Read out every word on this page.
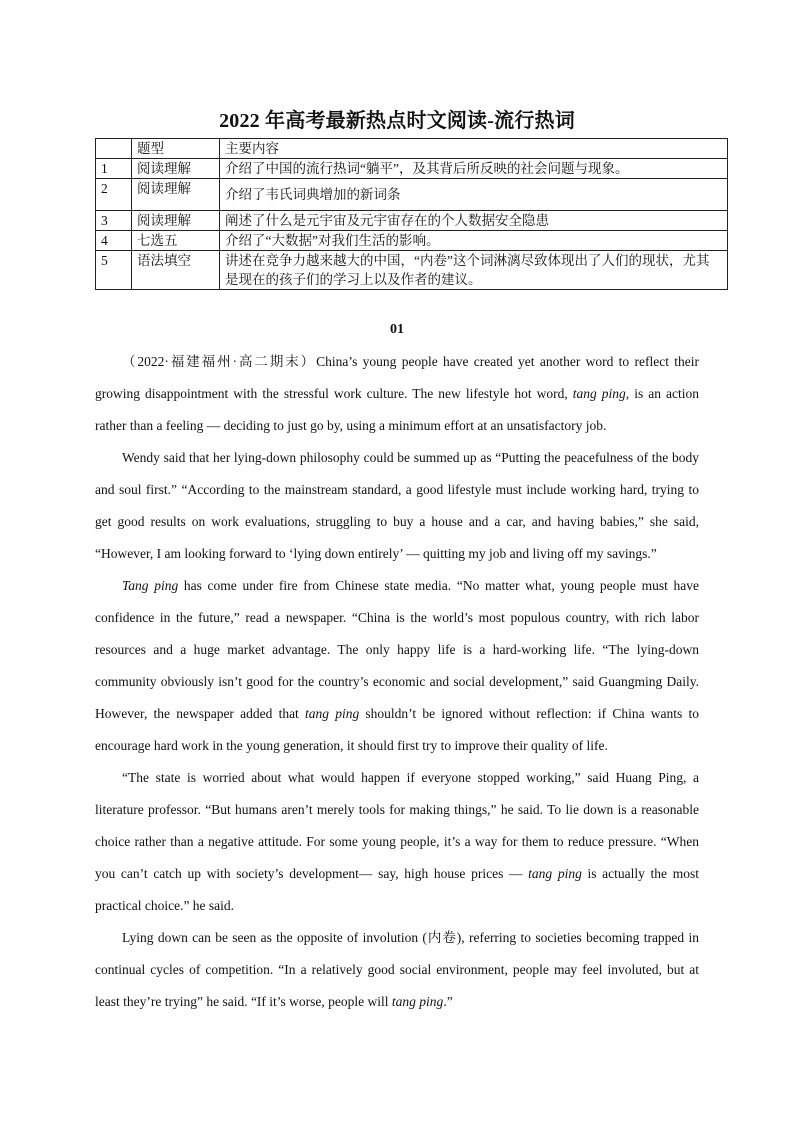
2022 年高考最新热点时文阅读-流行热词
	题型	主要内容
1	阅读理解	介绍了中国的流行热词“躺平”，及其背后所反映的社会问题与现象。
2	阅读理解	介绍了韦氏词典增加的新词条
3	阅读理解	阐述了什么是元宇宙及元宇宙存在的个人数据安全隐患
4	七选五	介绍了“大数据”对我们生活的影响。
5	语法填空	讲述在竞争力越来越大的中国，“内卷”这个词淋漓尽致体现出了人们的现状，尤其是现在的孩子们的学习上以及作者的建议。
01

（2022·福建福州·高二期末）China’s young people have created yet another word to reflect their growing disappointment with the stressful work culture. The new lifestyle hot word, tang ping, is an action rather than a feeling — deciding to just go by, using a minimum effort at an unsatisfactory job.

Wendy said that her lying-down philosophy could be summed up as “Putting the peacefulness of the body and soul first.” “According to the mainstream standard, a good lifestyle must include working hard, trying to get good results on work evaluations, struggling to buy a house and a car, and having babies,” she said, “However, I am looking forward to ‘lying down entirely’ — quitting my job and living off my savings.”

Tang ping has come under fire from Chinese state media. “No matter what, young people must have confidence in the future,” read a newspaper. “China is the world’s most populous country, with rich labor resources and a huge market advantage. The only happy life is a hard-working life. “The lying-down community obviously isn’t good for the country’s economic and social development,” said Guangming Daily. However, the newspaper added that tang ping shouldn’t be ignored without reflection: if China wants to encourage hard work in the young generation, it should first try to improve their quality of life.

“The state is worried about what would happen if everyone stopped working,” said Huang Ping, a literature professor. “But humans aren’t merely tools for making things,” he said. To lie down is a reasonable choice rather than a negative attitude. For some young people, it’s a way for them to reduce pressure. “When you can’t catch up with society’s development— say, high house prices — tang ping is actually the most practical choice.” he said.

Lying down can be seen as the opposite of involution (内卷), referring to societies becoming trapped in continual cycles of competition. “In a relatively good social environment, people may feel involuted, but at least they’re trying” he said. “If it’s worse, people will tang ping.”
